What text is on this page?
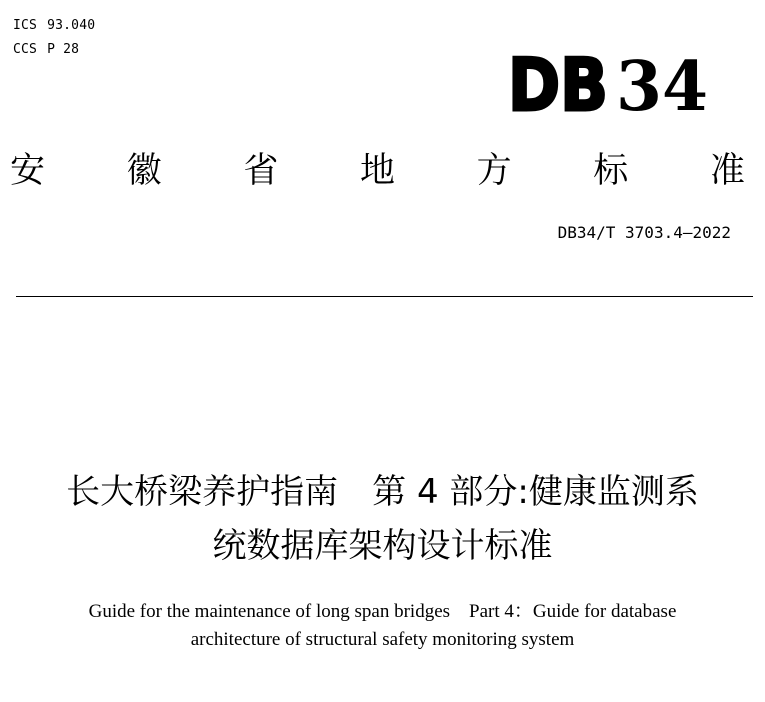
ICS 93.040
CCS P 28	DB 34
安 徽 省 地 方 标 准
DB34/T 3703.4—2022
长大桥梁养护指南　第 4 部分:健康监测系
统数据库架构设计标准
Guide for the maintenance of long span bridges    Part 4：Guide for database
architecture of structural safety monitoring system
